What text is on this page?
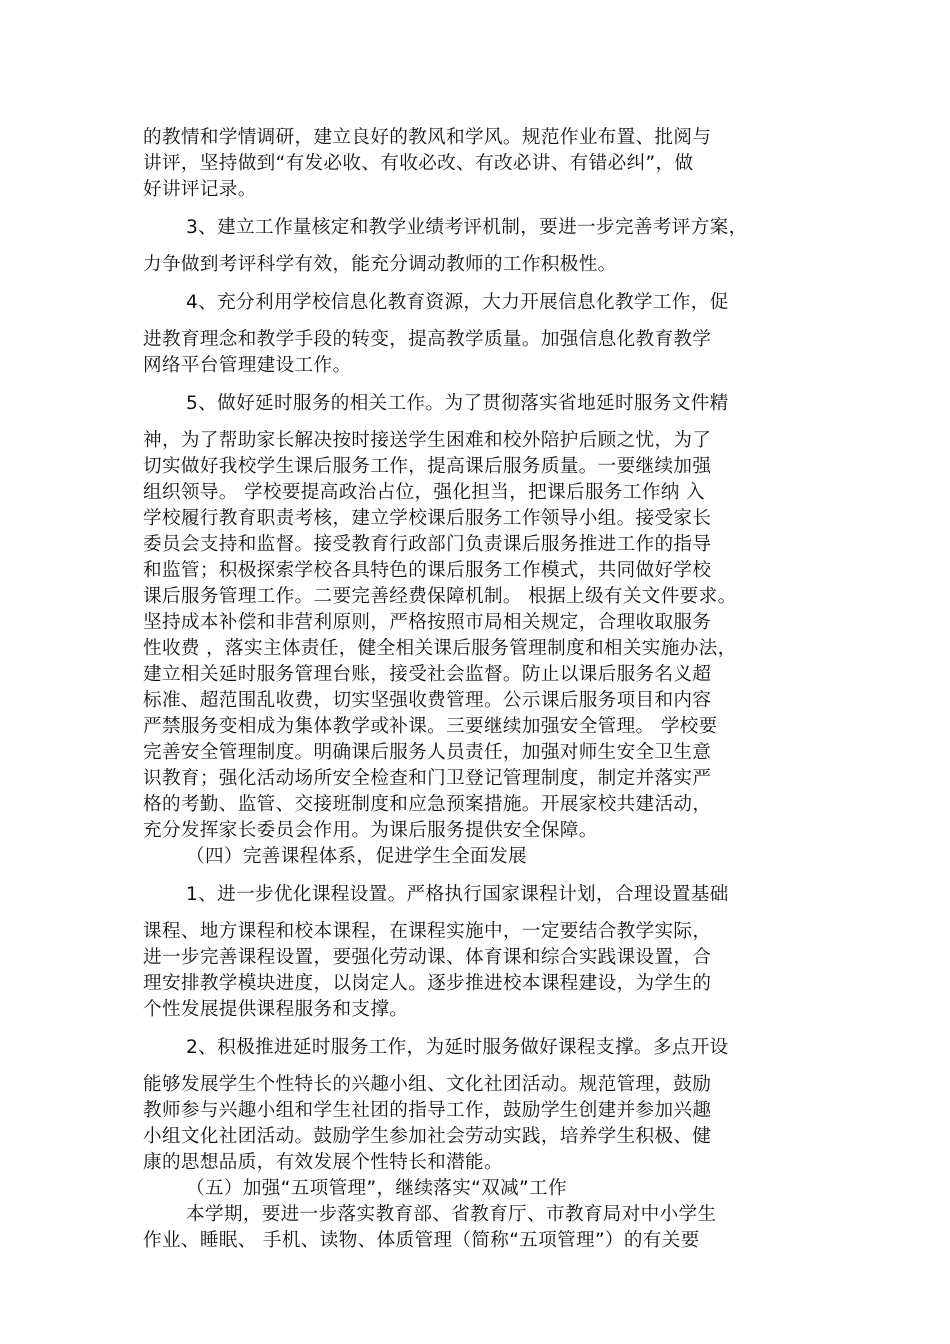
的教情和学情调研，建立良好的教风和学风。规范作业布置、批阅与
讲评，坚持做到“有发必收、有收必改、有改必讲、有错必纠”，做
好讲评记录。
3、建立工作量核定和教学业绩考评机制，要进一步完善考评方案，
力争做到考评科学有效，能充分调动教师的工作积极性。
4、充分利用学校信息化教育资源，大力开展信息化教学工作，促
进教育理念和教学手段的转变，提高教学质量。加强信息化教育教学
网络平台管理建设工作。
5、做好延时服务的相关工作。为了贯彻落实省地延时服务文件精
神，为了帮助家长解决按时接送学生困难和校外陪护后顾之忧，为了
切实做好我校学生课后服务工作，提高课后服务质量。一要继续加强
组织领导。 学校要提高政治占位，强化担当，把课后服务工作纳 入
学校履行教育职责考核，建立学校课后服务工作领导小组。接受家长
委员会支持和监督。接受教育行政部门负责课后服务推进工作的指导
和监管；积极探索学校各具特色的课后服务工作模式，共同做好学校
课后服务管理工作。二要完善经费保障机制。 根据上级有关文件要求。
坚持成本补偿和非营利原则，严格按照市局相关规定，合理收取服务
性收费 ，落实主体责任，健全相关课后服务管理制度和相关实施办法，
建立相关延时服务管理台账，接受社会监督。防止以课后服务名义超
标准、超范围乱收费，切实坚强收费管理。公示课后服务项目和内容
严禁服务变相成为集体教学或补课。三要继续加强安全管理。 学校要
完善安全管理制度。明确课后服务人员责任，加强对师生安全卫生意
识教育；强化活动场所安全检查和门卫登记管理制度，制定并落实严
格的考勤、监管、交接班制度和应急预案措施。开展家校共建活动，
充分发挥家长委员会作用。为课后服务提供安全保障。
（四）完善课程体系，促进学生全面发展
1、进一步优化课程设置。严格执行国家课程计划，合理设置基础
课程、地方课程和校本课程，在课程实施中，一定要结合教学实际，
进一步完善课程设置，要强化劳动课、体育课和综合实践课设置，合
理安排教学模块进度，以岗定人。逐步推进校本课程建设，为学生的
个性发展提供课程服务和支撑。
2、积极推进延时服务工作，为延时服务做好课程支撑。多点开设
能够发展学生个性特长的兴趣小组、文化社团活动。规范管理，鼓励
教师参与兴趣小组和学生社团的指导工作，鼓励学生创建并参加兴趣
小组文化社团活动。鼓励学生参加社会劳动实践，培养学生积极、健
康的思想品质，有效发展个性特长和潜能。
（五）加强“五项管理”，继续落实“双减”工作
本学期，要进一步落实教育部、省教育厅、市教育局对中小学生
作业、睡眠、 手机、读物、体质管理（简称“五项管理”）的有关要
